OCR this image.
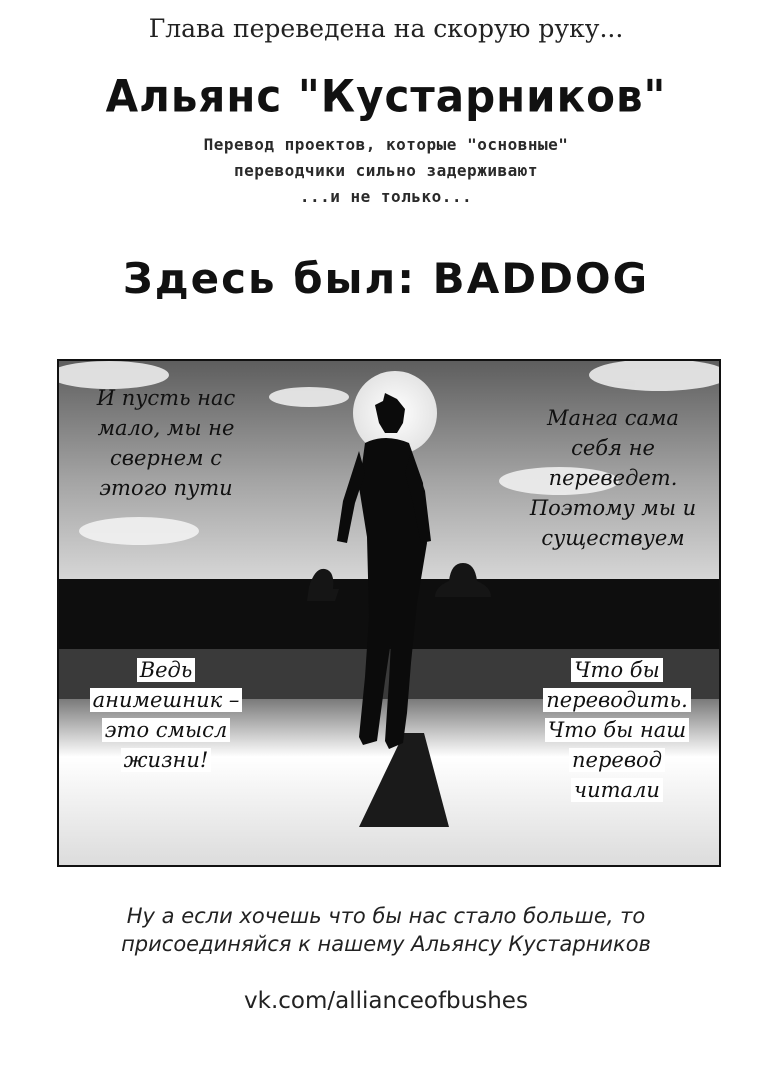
Глава переведена на скорую руку...
Альянс "Кустарников"
Перевод проектов, которые "основные"
переводчики сильно задерживают
...и не только...
Здесь был: BADDOG
И пусть нас
мало, мы не
свернем с
этого пути
Манга сама
себя не
переведет.
Поэтому мы и
существуем
Ведь
анимешник –
это смысл
жизни!
Что бы
переводить.
Что бы наш
перевод
читали
Ну а если хочешь что бы нас стало больше, то
присоединяйся к нашему Альянсу Кустарников
vk.com/allianceofbushes
